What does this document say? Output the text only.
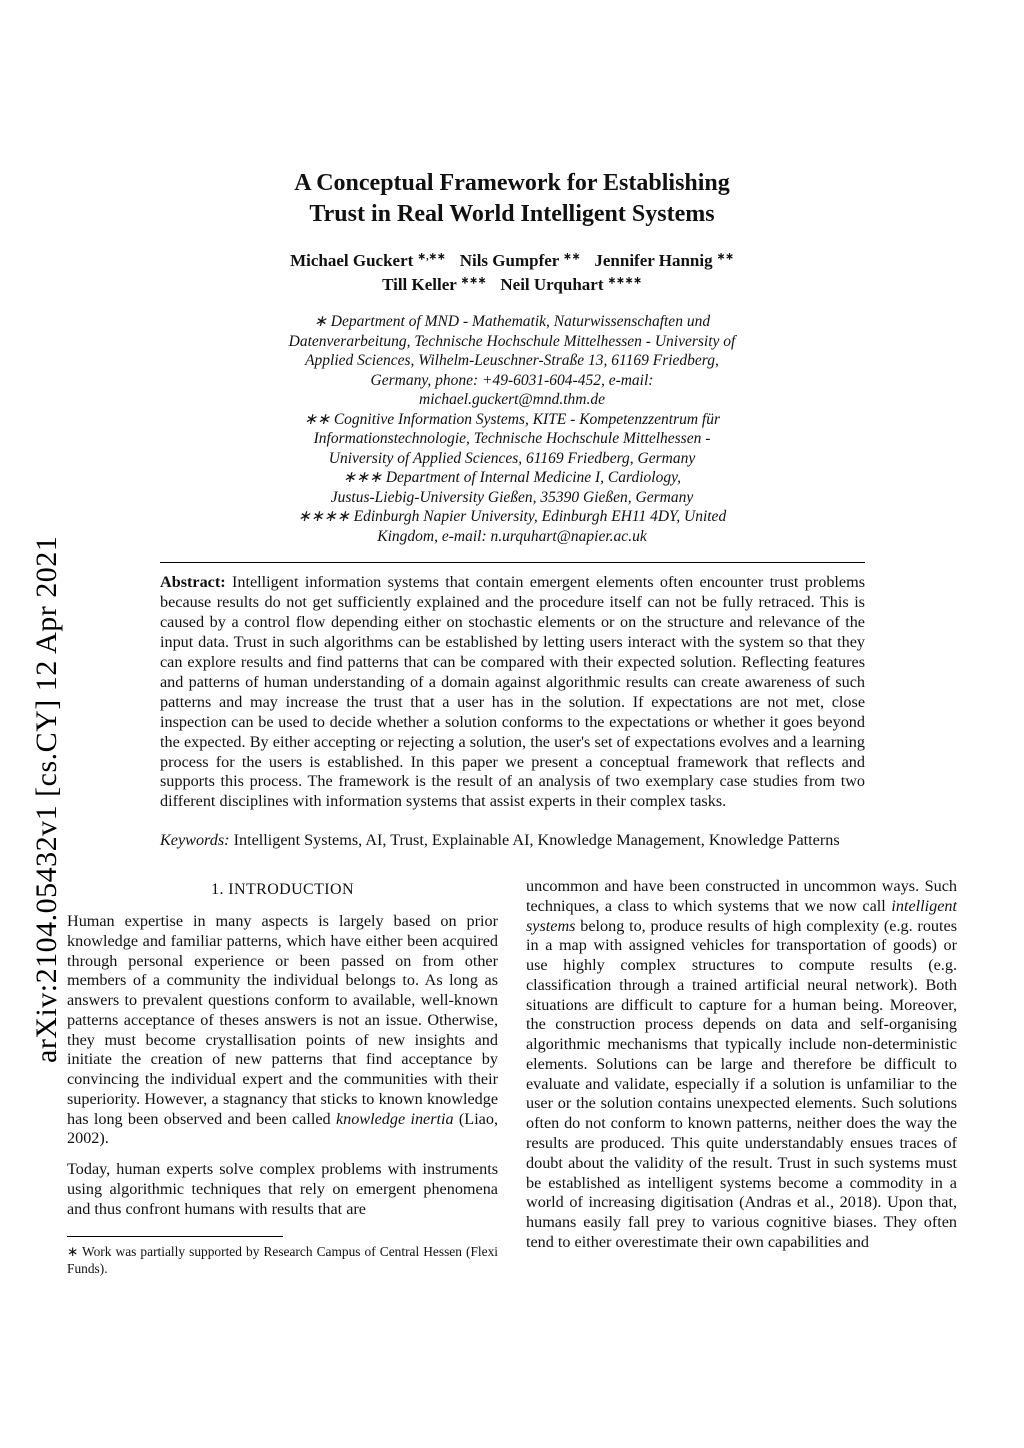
arXiv:2104.05432v1 [cs.CY] 12 Apr 2021
A Conceptual Framework for Establishing
Trust in Real World Intelligent Systems
Michael Guckert ∗,∗∗ Nils Gumpfer ∗∗ Jennifer Hannig ∗∗
Till Keller ∗∗∗ Neil Urquhart ∗∗∗∗
∗ Department of MND - Mathematik, Naturwissenschaften und
Datenverarbeitung, Technische Hochschule Mittelhessen - University of
Applied Sciences, Wilhelm-Leuschner-Straße 13, 61169 Friedberg,
Germany, phone: +49-6031-604-452, e-mail:
michael.guckert@mnd.thm.de
∗∗ Cognitive Information Systems, KITE - Kompetenzzentrum für
Informationstechnologie, Technische Hochschule Mittelhessen -
University of Applied Sciences, 61169 Friedberg, Germany
∗∗∗ Department of Internal Medicine I, Cardiology,
Justus-Liebig-University Gießen, 35390 Gießen, Germany
∗∗∗∗ Edinburgh Napier University, Edinburgh EH11 4DY, United
Kingdom, e-mail: n.urquhart@napier.ac.uk

Abstract: Intelligent information systems that contain emergent elements often encounter trust problems because results do not get sufficiently explained and the procedure itself can not be fully retraced. This is caused by a control flow depending either on stochastic elements or on the structure and relevance of the input data. Trust in such algorithms can be established by letting users interact with the system so that they can explore results and find patterns that can be compared with their expected solution. Reflecting features and patterns of human understanding of a domain against algorithmic results can create awareness of such patterns and may increase the trust that a user has in the solution. If expectations are not met, close inspection can be used to decide whether a solution conforms to the expectations or whether it goes beyond the expected. By either accepting or rejecting a solution, the user's set of expectations evolves and a learning process for the users is established. In this paper we present a conceptual framework that reflects and supports this process. The framework is the result of an analysis of two exemplary case studies from two different disciplines with information systems that assist experts in their complex tasks.

Keywords: Intelligent Systems, AI, Trust, Explainable AI, Knowledge Management, Knowledge Patterns
1. INTRODUCTION

Human expertise in many aspects is largely based on prior knowledge and familiar patterns, which have either been acquired through personal experience or been passed on from other members of a community the individual belongs to. As long as answers to prevalent questions conform to available, well-known patterns acceptance of theses answers is not an issue. Otherwise, they must become crystallisation points of new insights and initiate the creation of new patterns that find acceptance by convincing the individual expert and the communities with their superiority. However, a stagnancy that sticks to known knowledge has long been observed and been called knowledge inertia (Liao, 2002).

Today, human experts solve complex problems with instruments using algorithmic techniques that rely on emergent phenomena and thus confront humans with results that are

∗ Work was partially supported by Research Campus of Central Hessen (Flexi Funds).

uncommon and have been constructed in uncommon ways. Such techniques, a class to which systems that we now call intelligent systems belong to, produce results of high complexity (e.g. routes in a map with assigned vehicles for transportation of goods) or use highly complex structures to compute results (e.g. classification through a trained artificial neural network). Both situations are difficult to capture for a human being. Moreover, the construction process depends on data and self-organising algorithmic mechanisms that typically include non-deterministic elements. Solutions can be large and therefore be difficult to evaluate and validate, especially if a solution is unfamiliar to the user or the solution contains unexpected elements. Such solutions often do not conform to known patterns, neither does the way the results are produced. This quite understandably ensues traces of doubt about the validity of the result. Trust in such systems must be established as intelligent systems become a commodity in a world of increasing digitisation (Andras et al., 2018). Upon that, humans easily fall prey to various cognitive biases. They often tend to either overestimate their own capabilities and
